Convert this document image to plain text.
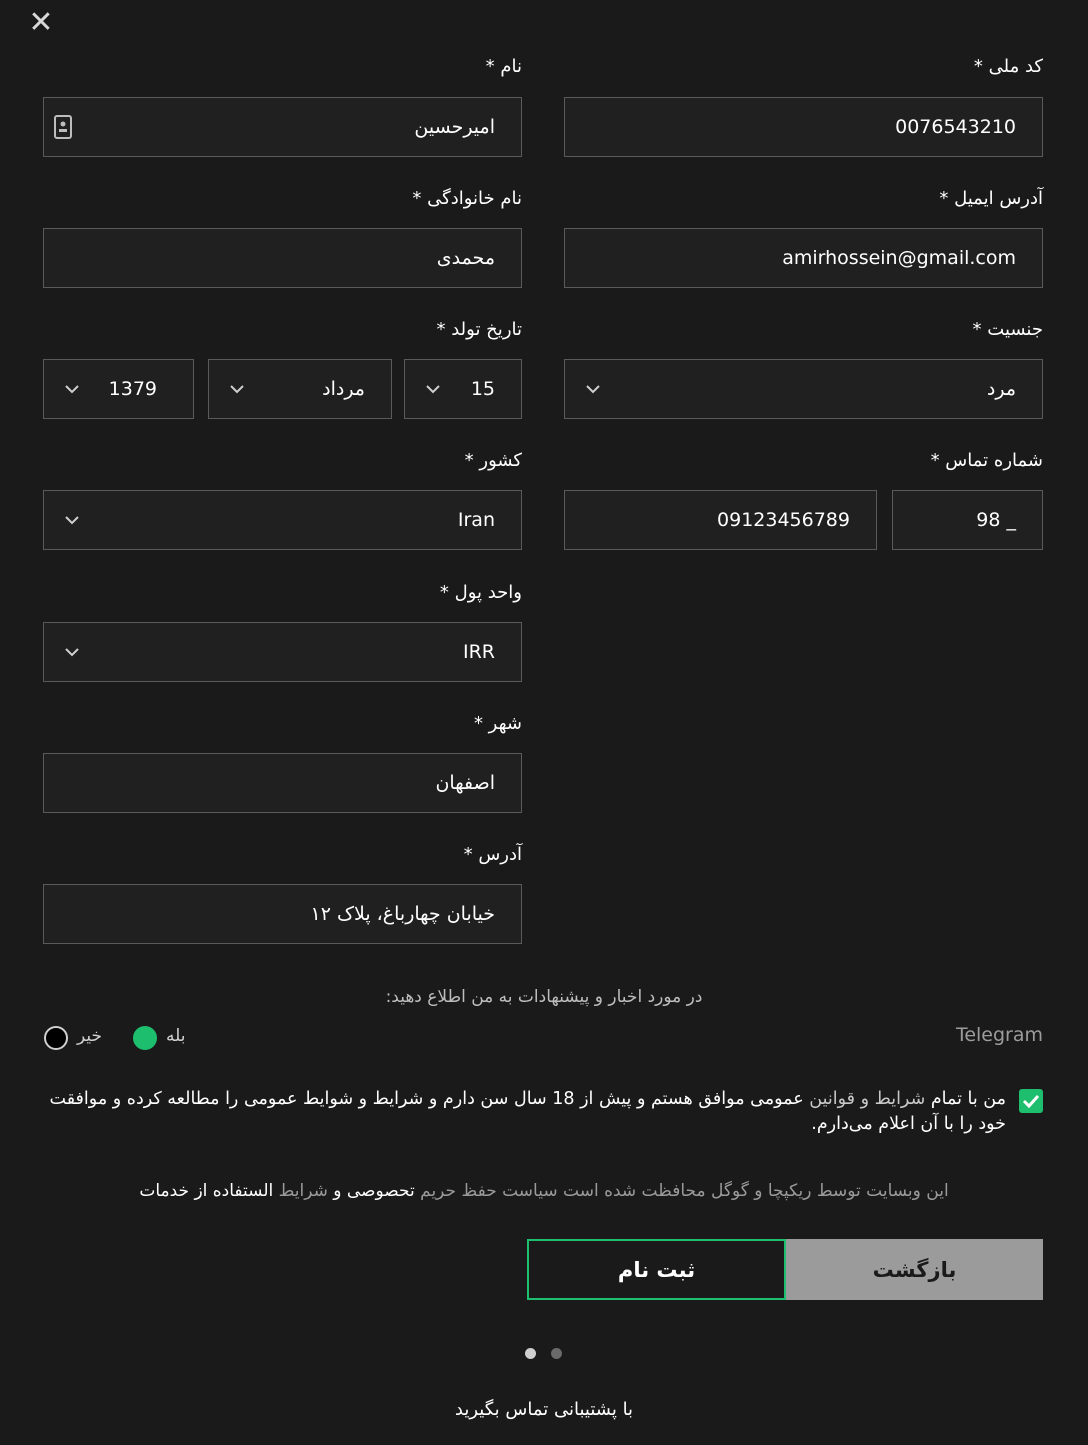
✕
کد ملی *
0076543210
نام *
امیرحسین
آدرس ایمیل *
amirhossein@gmail.com
نام خانوادگی *
محمدی
جنسیت *
مرد
تاریخ تولد *
15
مرداد
1379
شماره تماس *
98 _
09123456789
کشور *
Iran
واحد پول *
IRR
شهر *
اصفهان
آدرس *
خیابان چهارباغ، پلاک ۱۲
در مورد اخبار و پیشنهادات به من اطلاع دهید:
Telegram
بله
خیر
من با تمام شرایط و قوانین عمومی موافق هستم و پیش از 18 سال سن دارم و شرایط و شوایط عمومی را مطالعه کرده و موافقت خود را با آن اعلام می‌دارم.
این وبسایت توسط ریکپچا و گوگل محافظت شده است سیاست حفظ حریم تحصوصی و شرایط الستفاده از خدمات
ثبت نام	بازگشت
با پشتیبانی تماس بگیرید
